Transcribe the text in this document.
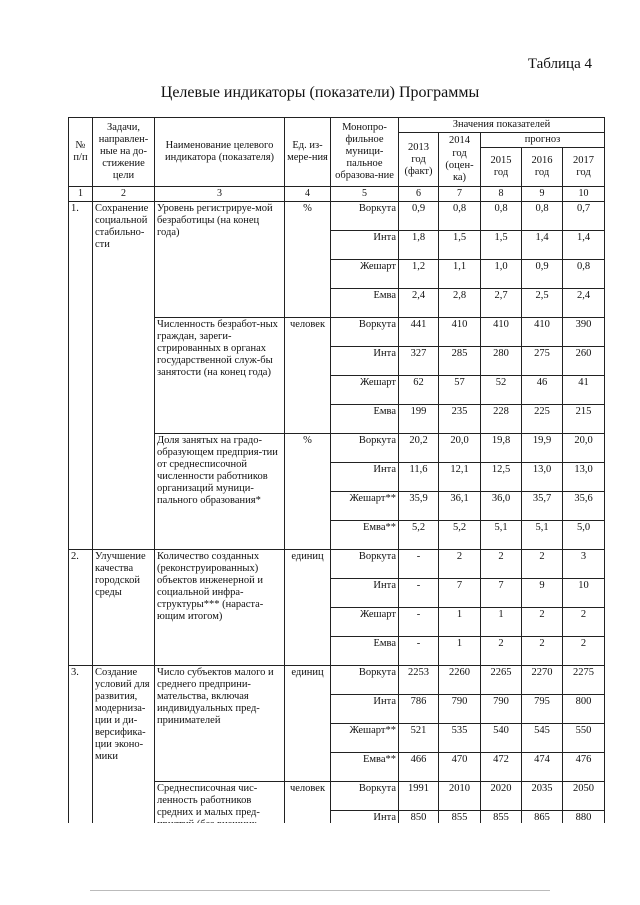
Таблица 4
Целевые индикаторы (показатели) Программы
№ п/п	Задачи, направлен-ные на до-стижение цели	Наименование целевого индикатора (показателя)	Ед. из-мере-ния	Монопро-фильное муници-пальное образова-ние	Значения показателей				
					2013 год (факт)	2014 год (оцен-ка)	прогноз		
							2015 год	2016 год	2017 год
1	2	3	4	5	6	7	8	9	10
1.	Сохранение социальной стабильно-сти	Уровень регистрируе-мой безработицы (на конец года)	%	Воркута	0,9	0,8	0,8	0,8	0,7
				Инта	1,8	1,5	1,5	1,4	1,4
				Жешарт	1,2	1,1	1,0	0,9	0,8
				Емва	2,4	2,8	2,7	2,5	2,4
		Численность безработ-ных граждан, зареги-стрированных в органах государственной служ-бы занятости (на конец года)	человек	Воркута	441	410	410	410	390
				Инта	327	285	280	275	260
				Жешарт	62	57	52	46	41
				Емва	199	235	228	225	215
		Доля занятых на градо-образующем предприя-тии от среднесписочной численности работников организаций муници-пального образования*	%	Воркута	20,2	20,0	19,8	19,9	20,0
				Инта	11,6	12,1	12,5	13,0	13,0
				Жешарт**	35,9	36,1	36,0	35,7	35,6
				Емва**	5,2	5,2	5,1	5,1	5,0
2.	Улучшение качества городской среды	Количество созданных (реконструированных) объектов инженерной и социальной инфра-структуры*** (нараста-ющим итогом)	единиц	Воркута	-	2	2	2	3
				Инта	-	7	7	9	10
				Жешарт	-	1	1	2	2
				Емва	-	1	2	2	2
3.	Создание условий для развития, модерниза-ции и ди-версифика-ции эконо-мики	Число субъектов малого и среднего предприни-мательства, включая индивидуальных пред-принимателей	единиц	Воркута	2253	2260	2265	2270	2275
				Инта	786	790	790	795	800
				Жешарт**	521	535	540	545	550
				Емва**	466	470	472	474	476
		Среднесписочная чис-ленность работников средних и малых пред-	человек	Воркута	1991	2010	2020	2035	2050
				Инта	850	855	855	865	880
